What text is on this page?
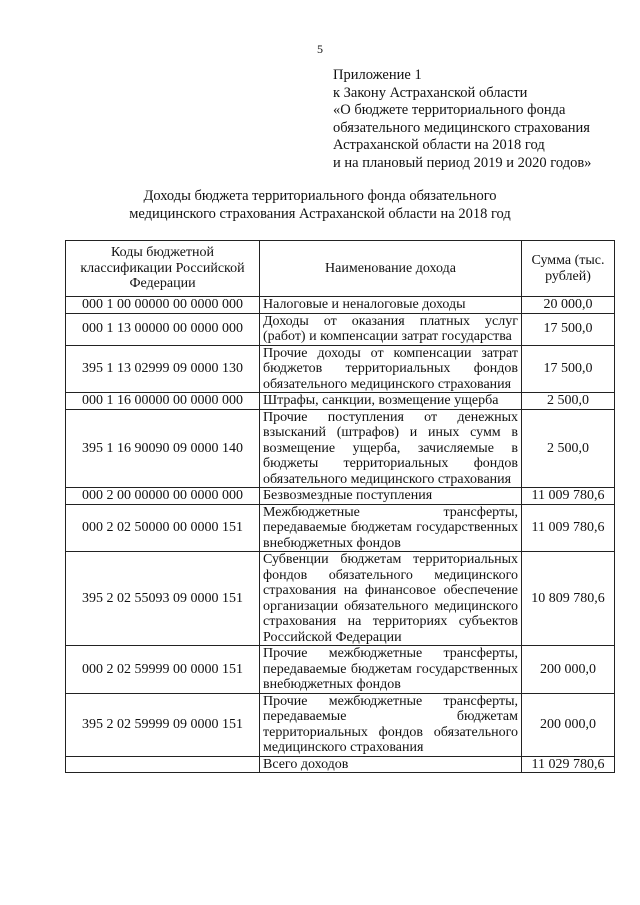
5
Приложение 1
к Закону Астраханской области
«О бюджете территориального фонда
обязательного медицинского страхования
Астраханской области на 2018 год
и на плановый период 2019 и 2020 годов»
Доходы бюджета территориального фонда обязательного
медицинского страхования Астраханской области на 2018 год
Коды бюджетной классификации Российской Федерации	Наименование дохода	Сумма (тыс. рублей)
000 1 00 00000 00 0000 000	Налоговые и неналоговые доходы	20 000,0
000 1 13 00000 00 0000 000	Доходы от оказания платных услуг (работ) и компенсации затрат государства	17 500,0
395 1 13 02999 09 0000 130	Прочие доходы от компенсации затрат бюджетов территориальных фондов обязательного медицинского страхования	17 500,0
000 1 16 00000 00 0000 000	Штрафы, санкции, возмещение ущерба	2 500,0
395 1 16 90090 09 0000 140	Прочие поступления от денежных взысканий (штрафов) и иных сумм в возмещение ущерба, зачисляемые в бюджеты территориальных фондов обязательного медицинского страхования	2 500,0
000 2 00 00000 00 0000 000	Безвозмездные поступления	11 009 780,6
000 2 02 50000 00 0000 151	Межбюджетные трансферты, передаваемые бюджетам государственных внебюджетных фондов	11 009 780,6
395 2 02 55093 09 0000 151	Субвенции бюджетам территориальных фондов обязательного медицинского страхования на финансовое обеспечение организации обязательного медицинского страхования на территориях субъектов Российской Федерации	10 809 780,6
000 2 02 59999 00 0000 151	Прочие межбюджетные трансферты, передаваемые бюджетам государственных внебюджетных фондов	200 000,0
395 2 02 59999 09 0000 151	Прочие межбюджетные трансферты, передаваемые бюджетам территориальных фондов обязательного медицинского страхования	200 000,0
	Всего доходов	11 029 780,6
